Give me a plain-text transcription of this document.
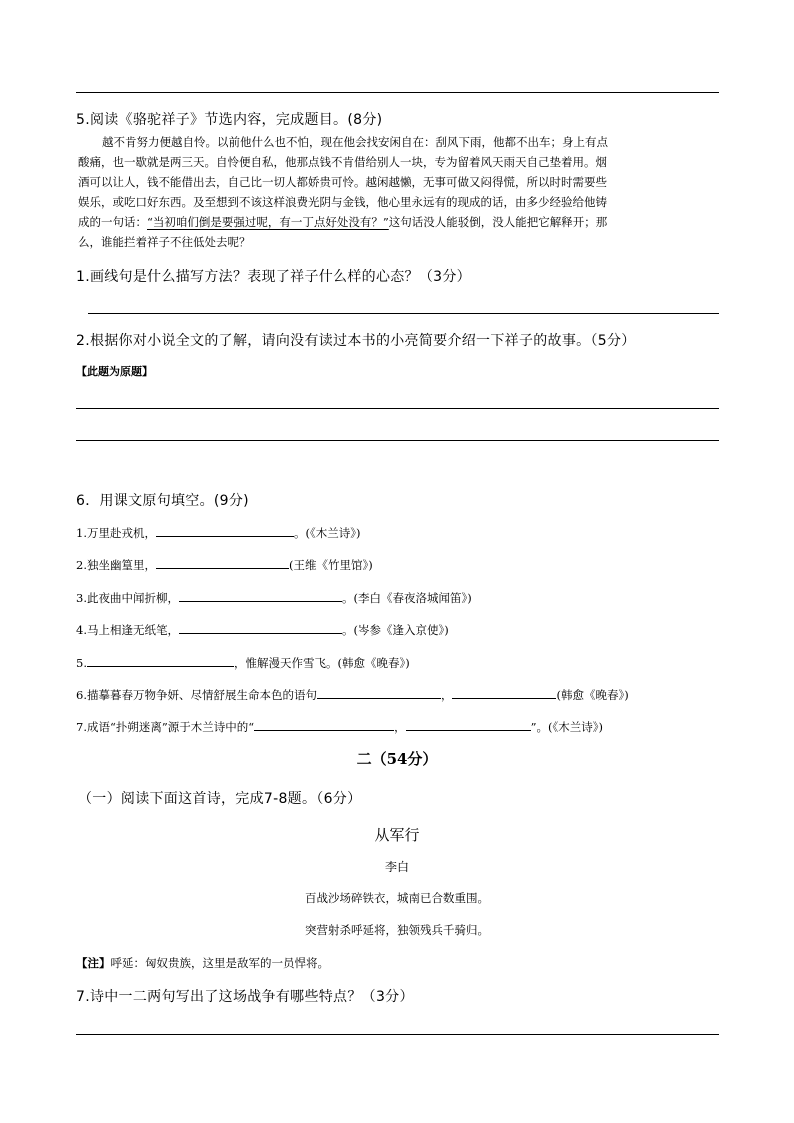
5.阅读《骆驼祥子》节选内容，完成题目。(8分)
越不肯努力便越自怜。以前他什么也不怕，现在他会找安闲自在：刮风下雨，他都不出车；身上有点
酸痛，也一歇就是两三天。自怜便自私，他那点钱不肯借给别人一块，专为留着风天雨天自己垫着用。烟
酒可以让人，钱不能借出去，自己比一切人都娇贵可怜。越闲越懒，无事可做又闷得慌，所以时时需要些
娱乐，或吃口好东西。及至想到不该这样浪费光阴与金钱，他心里永远有的现成的话，由多少经验给他铸
成的一句话：“当初咱们倒是要强过呢，有一丁点好处没有？”这句话没人能驳倒，没人能把它解释开；那
么，谁能拦着祥子不往低处去呢？
1.画线句是什么描写方法？表现了祥子什么样的心态？（3分）
2.根据你对小说全文的了解，请向没有读过本书的小亮简要介绍一下祥子的故事。（5分）
【此题为原题】
6．用课文原句填空。(9分)
1.万里赴戎机，	。(《木兰诗》)
2.独坐幽篁里，	(王维《竹里馆》)
3.此夜曲中闻折柳，	。(李白《春夜洛城闻笛》)
4.马上相逢无纸笔，	。(岑参《逢入京使》)
5.	，惟解漫天作雪飞。(韩愈《晚春》)
6.描摹暮春万物争妍、尽情舒展生命本色的语句	，	(韩愈《晚春》)
7.成语“扑朔迷离”源于木兰诗中的“	，	”。(《木兰诗》)
二（54分）
（一）阅读下面这首诗，完成7-8题。（6分）
从军行
李白
百战沙场碎铁衣，城南已合数重围。
突营射杀呼延将，独领残兵千骑归。
【注】呼延：匈奴贵族，这里是敌军的一员悍将。
7.诗中一二两句写出了这场战争有哪些特点？（3分）
